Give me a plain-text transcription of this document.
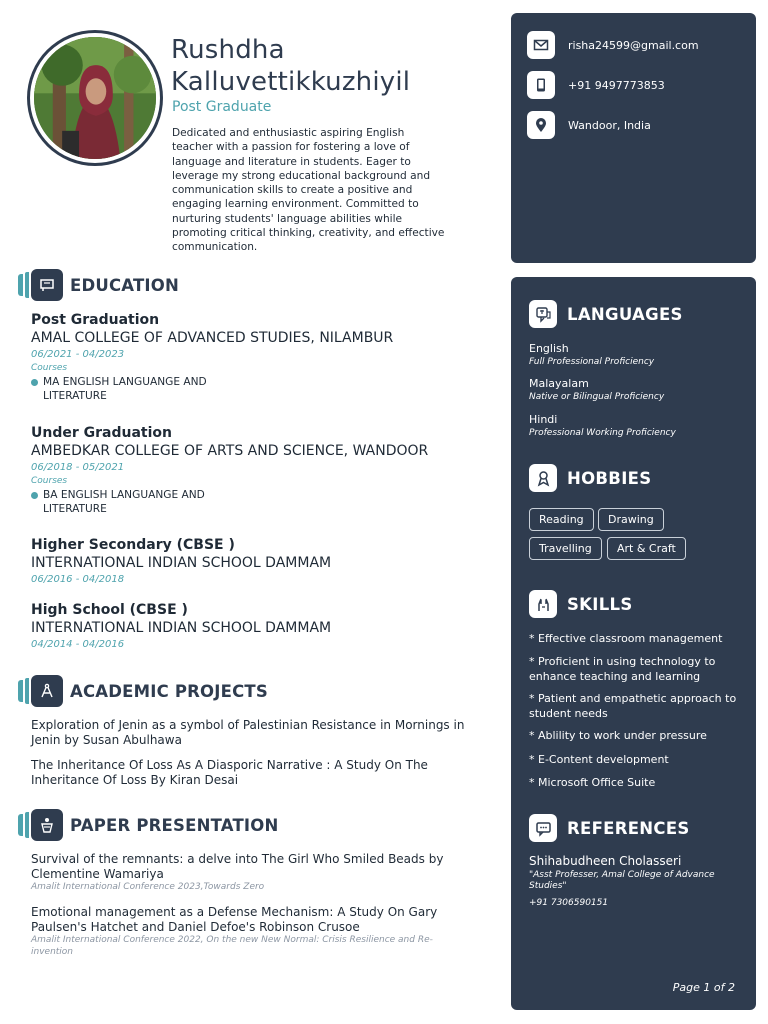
Rushdha
Kalluvettikkuzhiyil
Post Graduate
Dedicated and enthusiastic aspiring English teacher with a passion for fostering a love of language and literature in students. Eager to leverage my strong educational background and communication skills to create a positive and engaging learning environment. Committed to nurturing students' language abilities while promoting critical thinking, creativity, and effective communication.
EDUCATION
Post Graduation
AMAL COLLEGE OF ADVANCED STUDIES, NILAMBUR
06/2021 - 04/2023
Courses
MA ENGLISH LANGUANGE AND LITERATURE
Under Graduation
AMBEDKAR COLLEGE OF ARTS AND SCIENCE, WANDOOR
06/2018 - 05/2021
Courses
BA ENGLISH LANGUANGE AND LITERATURE
Higher Secondary (CBSE )
INTERNATIONAL INDIAN SCHOOL DAMMAM
06/2016 - 04/2018
High School (CBSE )
INTERNATIONAL INDIAN SCHOOL DAMMAM
04/2014 - 04/2016
ACADEMIC PROJECTS
Exploration of Jenin as a symbol of Palestinian Resistance in Mornings in Jenin by Susan Abulhawa
The Inheritance Of Loss As A Diasporic Narrative : A Study On The Inheritance Of Loss By Kiran Desai
PAPER PRESENTATION
Survival of the remnants: a delve into The Girl Who Smiled Beads by Clementine Wamariya
Amalit International Conference 2023,Towards Zero
Emotional management as a Defense Mechanism: A Study On Gary Paulsen's Hatchet and Daniel Defoe's Robinson Crusoe
Amalit International Conference 2022, On the new New Normal: Crisis Resilience and Re-invention
risha24599@gmail.com
+91 9497773853
Wandoor, India
LANGUAGES
English
Full Professional Proficiency
Malayalam
Native or Bilingual Proficiency
Hindi
Professional Working Proficiency
HOBBIES
Reading	Drawing
Travelling	Art & Craft
SKILLS
* Effective classroom management
* Proficient in using technology to enhance teaching and learning
* Patient and empathetic approach to student needs
* Ablility to work under pressure
* E-Content development
* Microsoft Office Suite
REFERENCES
Shihabudheen Cholasseri
"Asst Professer, Amal College of Advance Studies"
+91 7306590151
Page 1 of 2
